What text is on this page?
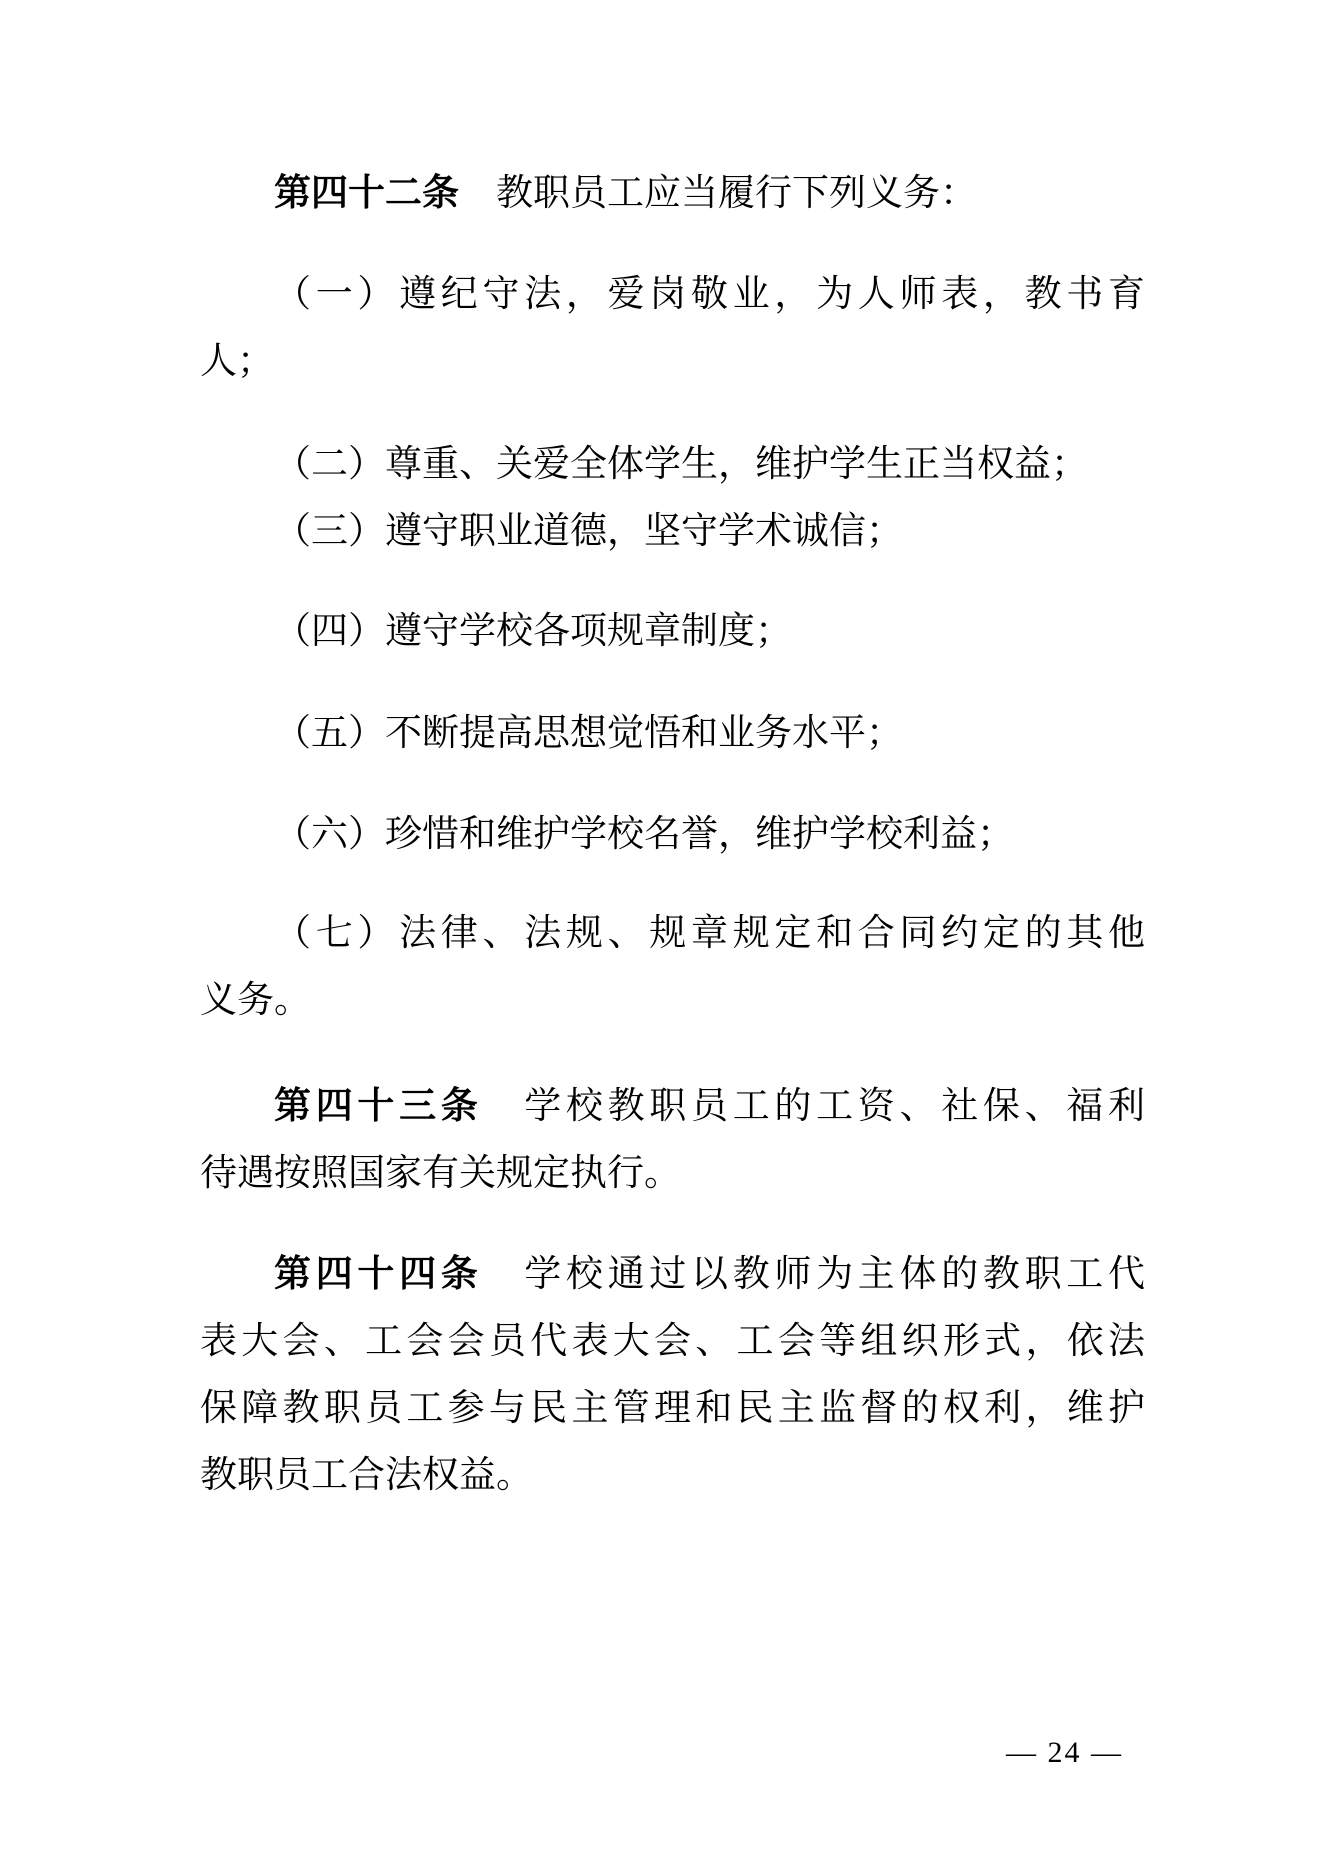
第四十二条　教职员工应当履行下列义务：
（一）遵纪守法，爱岗敬业，为人师表，教书育
人；
（二）尊重、关爱全体学生，维护学生正当权益；
（三）遵守职业道德，坚守学术诚信；
（四）遵守学校各项规章制度；
（五）不断提高思想觉悟和业务水平；
（六）珍惜和维护学校名誉，维护学校利益；
（七）法律、法规、规章规定和合同约定的其他
义务。
第四十三条　学校教职员工的工资、社保、福利
待遇按照国家有关规定执行。
第四十四条　学校通过以教师为主体的教职工代
表大会、工会会员代表大会、工会等组织形式，依法
保障教职员工参与民主管理和民主监督的权利，维护
教职员工合法权益。
— 24 —
